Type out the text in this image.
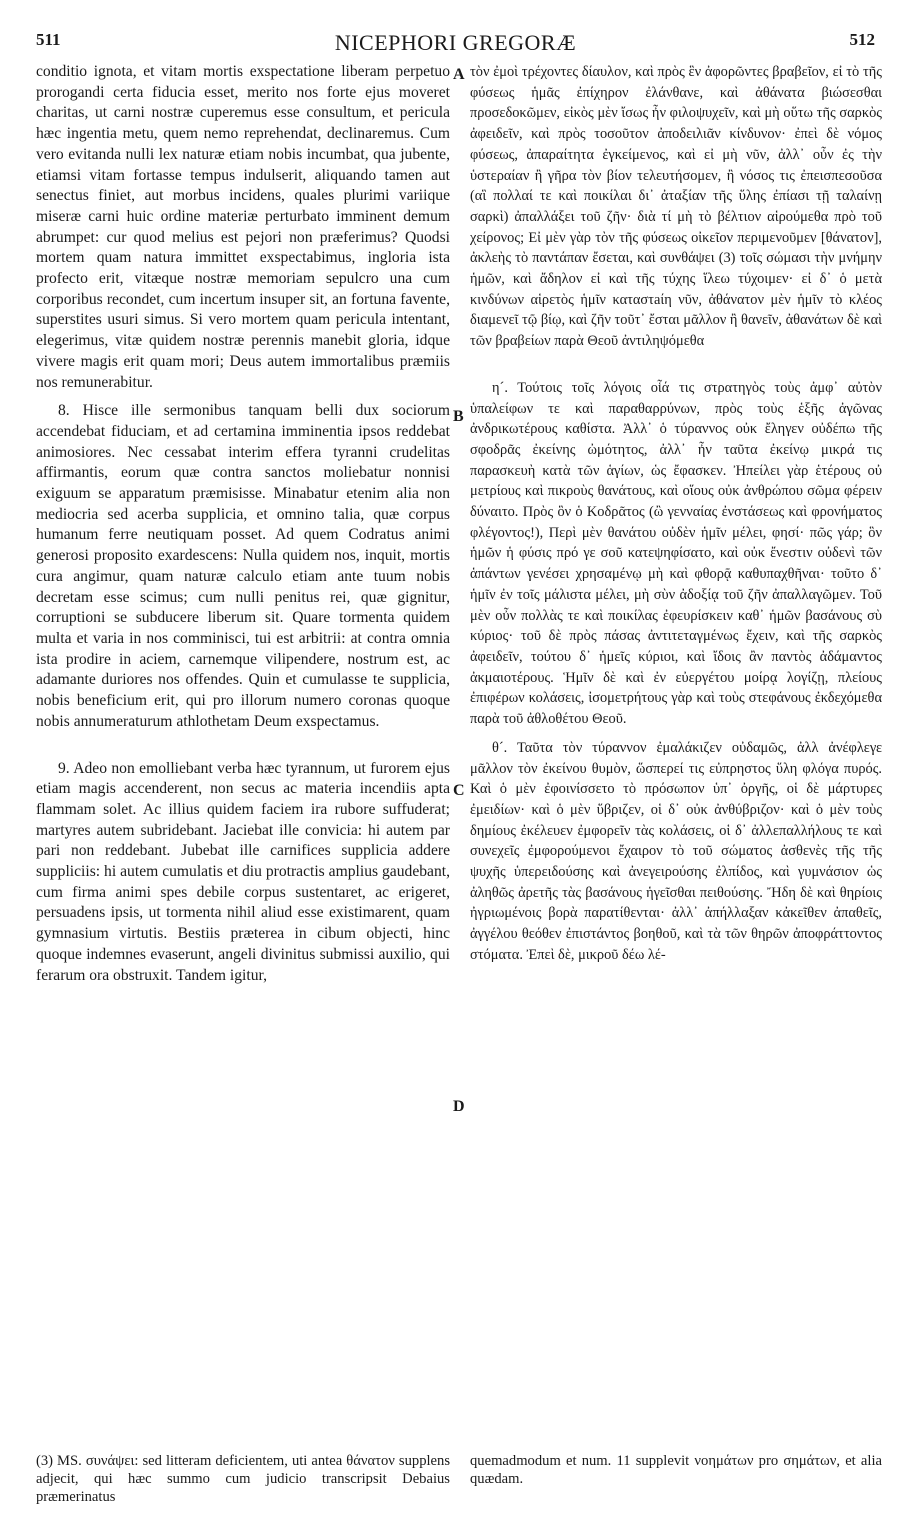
511	NICEPHORI GREGORÆ	512

conditio ignota, et vitam mortis exspectatione liberam perpetuo prorogandi certa fiducia esset, merito nos forte ejus moveret charitas, ut carni nostræ cuperemus esse consultum, et pericula hæc ingentia metu, quem nemo reprehendat, declinaremus. Cum vero evitanda nulli lex naturæ etiam nobis incumbat, qua jubente, etiamsi vitam fortasse tempus indulserit, aliquando tamen aut senectus finiet, aut morbus incidens, quales plurimi variique miseræ carni huic ordine materiæ perturbato imminent demum abrumpet: cur quod melius est pejori non præferimus? Quodsi mortem quam natura immittet exspectabimus, ingloria ista profecto erit, vitæque nostræ memoriam sepulcro una cum corporibus recondet, cum incertum insuper sit, an fortuna favente, superstites usuri simus. Si vero mortem quam pericula intentant, elegerimus, vitæ quidem nostræ perennis manebit gloria, idque vivere magis erit quam mori; Deus autem immortalibus præmiis nos remunerabitur.

8. Hisce ille sermonibus tanquam belli dux sociorum accendebat fiduciam, et ad certamina imminentia ipsos reddebat animosiores. Nec cessabat interim effera tyranni crudelitas affirmantis, eorum quæ contra sanctos moliebatur nonnisi exiguum se apparatum præmisisse. Minabatur etenim alia non mediocria sed acerba supplicia, et omnino talia, quæ corpus humanum ferre neutiquam posset. Ad quem Codratus animi generosi proposito exardescens: Nulla quidem nos, inquit, mortis cura angimur, quam naturæ calculo etiam ante tuum nobis decretam esse scimus; cum nulli penitus rei, quæ gignitur, corruptioni se subducere liberum sit. Quare tormenta quidem multa et varia in nos comminisci, tui est arbitrii: at contra omnia ista prodire in aciem, carnemque vilipendere, nostrum est, ac adamante duriores nos offendes. Quin et cumulasse te supplicia, nobis beneficium erit, qui pro illorum numero coronas quoque nobis annumeraturum athlothetam Deum exspectamus.

9. Adeo non emolliebant verba hæc tyrannum, ut furorem ejus etiam magis accenderent, non secus ac materia incendiis apta flammam solet. Ac illius quidem faciem ira rubore suffuderat; martyres autem subridebant. Jaciebat ille convicia: hi autem par pari non reddebant. Jubebat ille carnifices supplicia addere suppliciis: hi autem cumulatis et diu protractis amplius gaudebant, cum firma animi spes debile corpus sustentaret, ac erigeret, persuadens ipsis, ut tormenta nihil aliud esse existimarent, quam gymnasium virtutis. Bestiis præterea in cibum objecti, hinc quoque indemnes evaserunt, angeli divinitus submissi auxilio, qui ferarum ora obstruxit. Tandem igitur,

τὸν ἐμοὶ τρέχοντες δίαυλον, καὶ πρὸς ἓν ἀφορῶντες βραβεῖον, εἰ τὸ τῆς φύσεως ἡμᾶς ἐπίχηρον ἐλάνθανε, καὶ ἀθάνατα βιώσεσθαι προσεδοκῶμεν, εἰκὸς μὲν ἴσως ἦν φιλοψυχεῖν, καὶ μὴ οὕτω τῆς σαρκὸς ἀφειδεῖν, καὶ πρὸς τοσοῦτον ἀποδειλιᾶν κίνδυνον· ἐπεὶ δὲ νόμος φύσεως, ἀπαραίτητα ἐγκείμενος, καὶ εἰ μὴ νῦν, ἀλλ᾽ οὖν ἐς τὴν ὑστεραίαν ἢ γῆρα τὸν βίον τελευτήσομεν, ἢ νόσος τις ἐπεισπεσοῦσα (αἳ πολλαί τε καὶ ποικίλαι δι᾽ ἀταξίαν τῆς ὕλης ἐπίασι τῇ ταλαίνῃ σαρκὶ) ἀπαλλάξει τοῦ ζῆν· διὰ τί μὴ τὸ βέλτιον αἱρούμεθα πρὸ τοῦ χείρονος; Εἰ μὲν γὰρ τὸν τῆς φύσεως οἰκεῖον περιμενοῦμεν [θάνατον], ἀκλεὴς τὸ παντάπαν ἔσεται, καὶ συνθάψει (3) τοῖς σώμασι τὴν μνήμην ἡμῶν, καὶ ἄδηλον εἰ καὶ τῆς τύχης ἵλεω τύχοιμεν· εἰ δ᾽ ὁ μετὰ κινδύνων αἱρετὸς ἡμῖν καταστaίη νῦν, ἀθάνατον μὲν ἡμῖν τὸ κλέος διαμενεῖ τῷ βίῳ, καὶ ζῆν τοῦτ᾽ ἔσται μᾶλλον ἢ θανεῖν, ἀθανάτων δὲ καὶ τῶν βραβείων παρὰ Θεοῦ ἀντιληψόμεθα

η´. Τούτοις τοῖς λόγοις οἷά τις στρατηγὸς τοὺς ἀμφ᾽ αὐτὸν ὑπαλείφων τε καὶ παραθαρρύνων, πρὸς τοὺς ἑξῆς ἀγῶνας ἀνδρικωτέρους καθίστα. Ἀλλ᾽ ὁ τύραννος οὐκ ἔληγεν οὐδέπω τῆς σφοδρᾶς ἐκείνης ὠμότητος, ἀλλ᾽ ἦν ταῦτα ἐκείνῳ μικρά τις παρασκευὴ κατὰ τῶν ἁγίων, ὡς ἔφασκεν. Ἠπείλει γὰρ ἑτέρους οὐ μετρίους καὶ πικροὺς θανάτους, καὶ οἵους οὐκ ἀνθρώπου σῶμα φέρειν δύναιτο. Πρὸς ὃν ὁ Κοδρᾶτος (ὢ γενναίας ἐνστάσεως καὶ φρονήματος φλέγοντος!), Περὶ μὲν θανάτου οὐδὲν ἡμῖν μέλει, φησί· πῶς γάρ; ὃν ἡμῶν ἡ φύσις πρό γε σοῦ κατεψηφίσατο, καὶ οὐκ ἔνεστιν οὐδενὶ τῶν ἁπάντων γενέσει χρησαμένῳ μὴ καὶ φθορᾷ καθυπαχθῆναι· τοῦτο δ᾽ ἡμῖν ἐν τοῖς μάλιστα μέλει, μὴ σὺν ἀδοξίᾳ τοῦ ζῆν ἀπαλλαγῶμεν. Τοῦ μὲν οὖν πολλὰς τε καὶ ποικίλας ἐφευρίσκειν καθ᾽ ἡμῶν βασάνους σὺ κύριος· τοῦ δὲ πρὸς πάσας ἀντιτεταγμένως ἔχειν, καὶ τῆς σαρκὸς ἀφειδεῖν, τούτου δ᾽ ἡμεῖς κύριοι, καὶ ἴδοις ἂν παντὸς ἀδάμαντος ἀκμαιοτέρους. Ἡμῖν δὲ καὶ ἐν εὐεργέτου μοίρᾳ λογίζῃ, πλείους ἐπιφέρων κολάσεις, ἰσομετρήτους γὰρ καὶ τοὺς στεφάνους ἐκδεχόμεθα παρὰ τοῦ ἀθλοθέτου Θεοῦ.

θ´. Ταῦτα τὸν τύραννον ἐμαλάκιζεν οὐδαμῶς, ἀλλ ἀνέφλεγε μᾶλλον τὸν ἐκείνου θυμὸν, ὥσπερεί τις εὐπρηστος ὕλη φλόγα πυρός. Καὶ ὁ μὲν ἐφοινίσσετο τὸ πρόσωπον ὑπ᾽ ὀργῆς, οἱ δὲ μάρτυρες ἐμειδίων· καὶ ὁ μὲν ὕβριζεν, οἱ δ᾽ οὐκ ἀνθύβριζον· καὶ ὁ μὲν τοὺς δημίους ἐκέλευεν ἐμφορεῖν τὰς κολάσεις, οἱ δ᾽ ἀλλεπαλλήλους τε καὶ συνεχεῖς ἐμφορούμενοι ἔχαιρον τὸ τοῦ σώματος ἀσθενὲς τῆς τῆς ψυχῆς ὑπερειδούσης καὶ ἀνεγειρούσης ἐλπίδος, καὶ γυμνάσιον ὡς ἀληθῶς ἀρετῆς τὰς βασάνους ἡγεῖσθαι πειθούσης. Ἤδη δὲ καὶ θηρίοις ἠγριωμένοις βορὰ παρατίθενται· ἀλλ᾽ ἀπήλλαξαν κἀκεῖθεν ἀπαθεῖς, ἀγγέλου θεόθεν ἐπιστάντος βοηθοῦ, καὶ τὰ τῶν θηρῶν ἀποφράττοντος στόματα. Ἐπεὶ δὲ, μικροῦ δέω λέ-

A
B
C
D

(3) MS. συνάψει: sed litteram deficientem, uti antea θάνατον supplens adjecit, qui hæc summo cum judicio transcripsit Debaius præmerinatus

quemadmodum et num. 11 supplevit νοημάτων pro σημάτων, et alia quædam.
